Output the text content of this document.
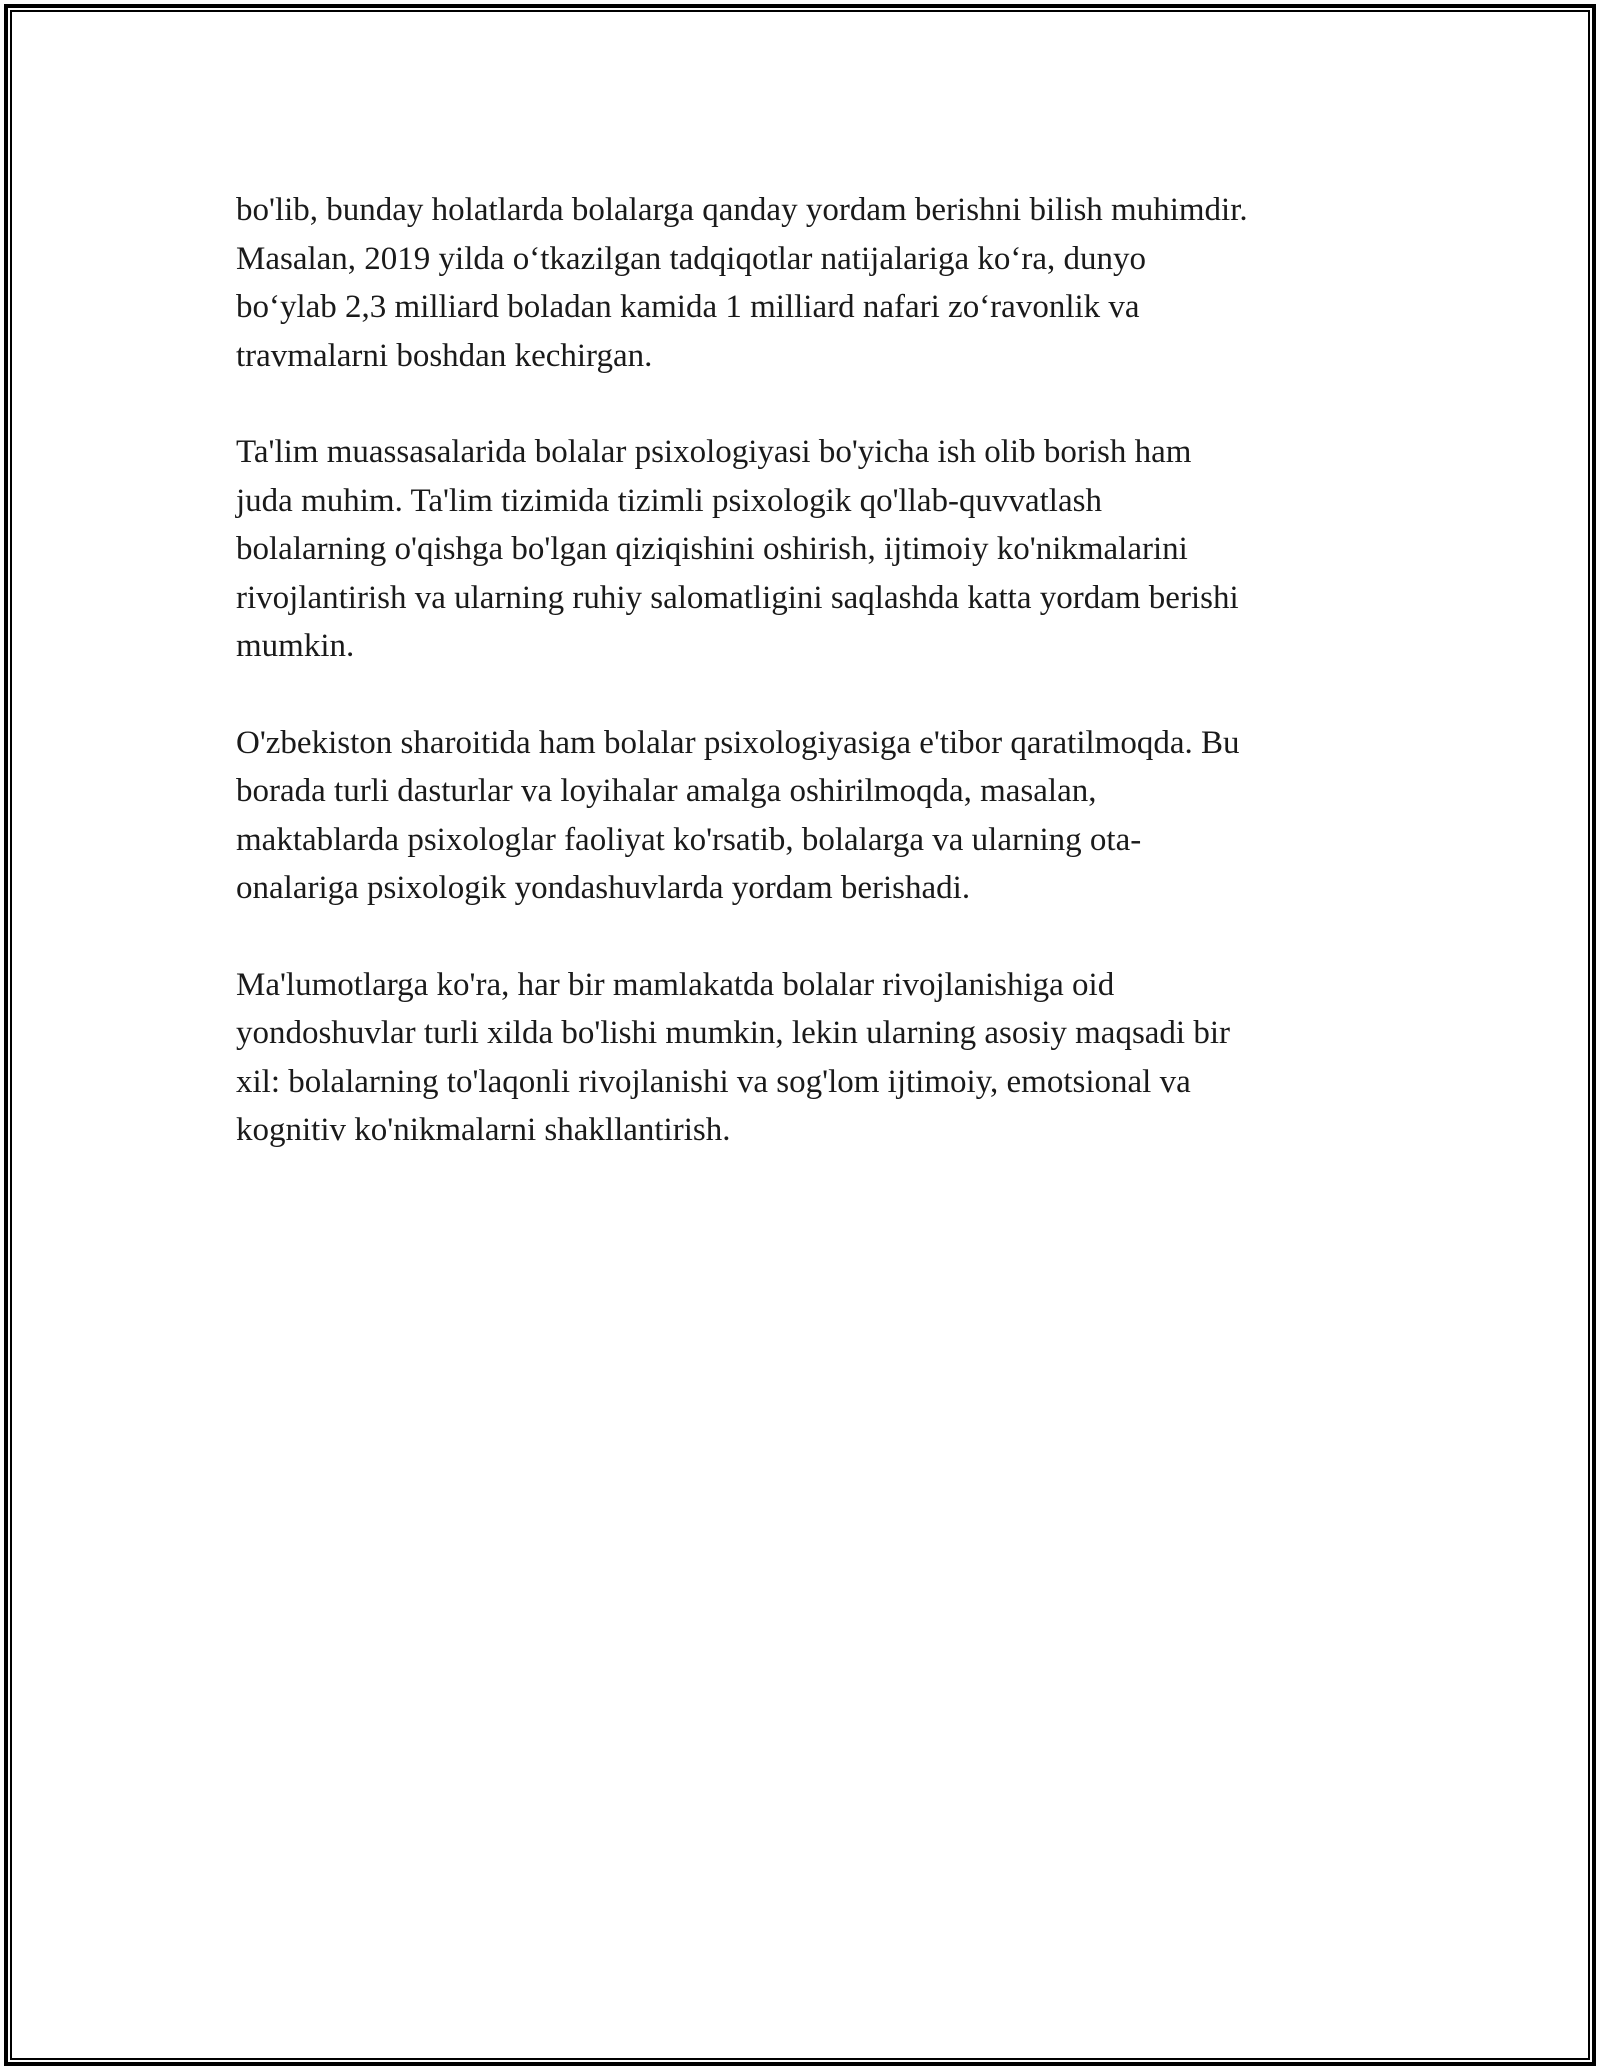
bo'lib, bunday holatlarda bolalarga qanday yordam berishni bilish muhimdir.
Masalan, 2019 yilda o‘tkazilgan tadqiqotlar natijalariga ko‘ra, dunyo
bo‘ylab 2,3 milliard boladan kamida 1 milliard nafari zo‘ravonlik va
travmalarni boshdan kechirgan.

Ta'lim muassasalarida bolalar psixologiyasi bo'yicha ish olib borish ham
juda muhim. Ta'lim tizimida tizimli psixologik qo'llab-quvvatlash
bolalarning o'qishga bo'lgan qiziqishini oshirish, ijtimoiy ko'nikmalarini
rivojlantirish va ularning ruhiy salomatligini saqlashda katta yordam berishi
mumkin.

O'zbekiston sharoitida ham bolalar psixologiyasiga e'tibor qaratilmoqda. Bu
borada turli dasturlar va loyihalar amalga oshirilmoqda, masalan,
maktablarda psixologlar faoliyat ko'rsatib, bolalarga va ularning ota-
onalariga psixologik yondashuvlarda yordam berishadi.

Ma'lumotlarga ko'ra, har bir mamlakatda bolalar rivojlanishiga oid
yondoshuvlar turli xilda bo'lishi mumkin, lekin ularning asosiy maqsadi bir
xil: bolalarning to'laqonli rivojlanishi va sog'lom ijtimoiy, emotsional va
kognitiv ko'nikmalarni shakllantirish.
